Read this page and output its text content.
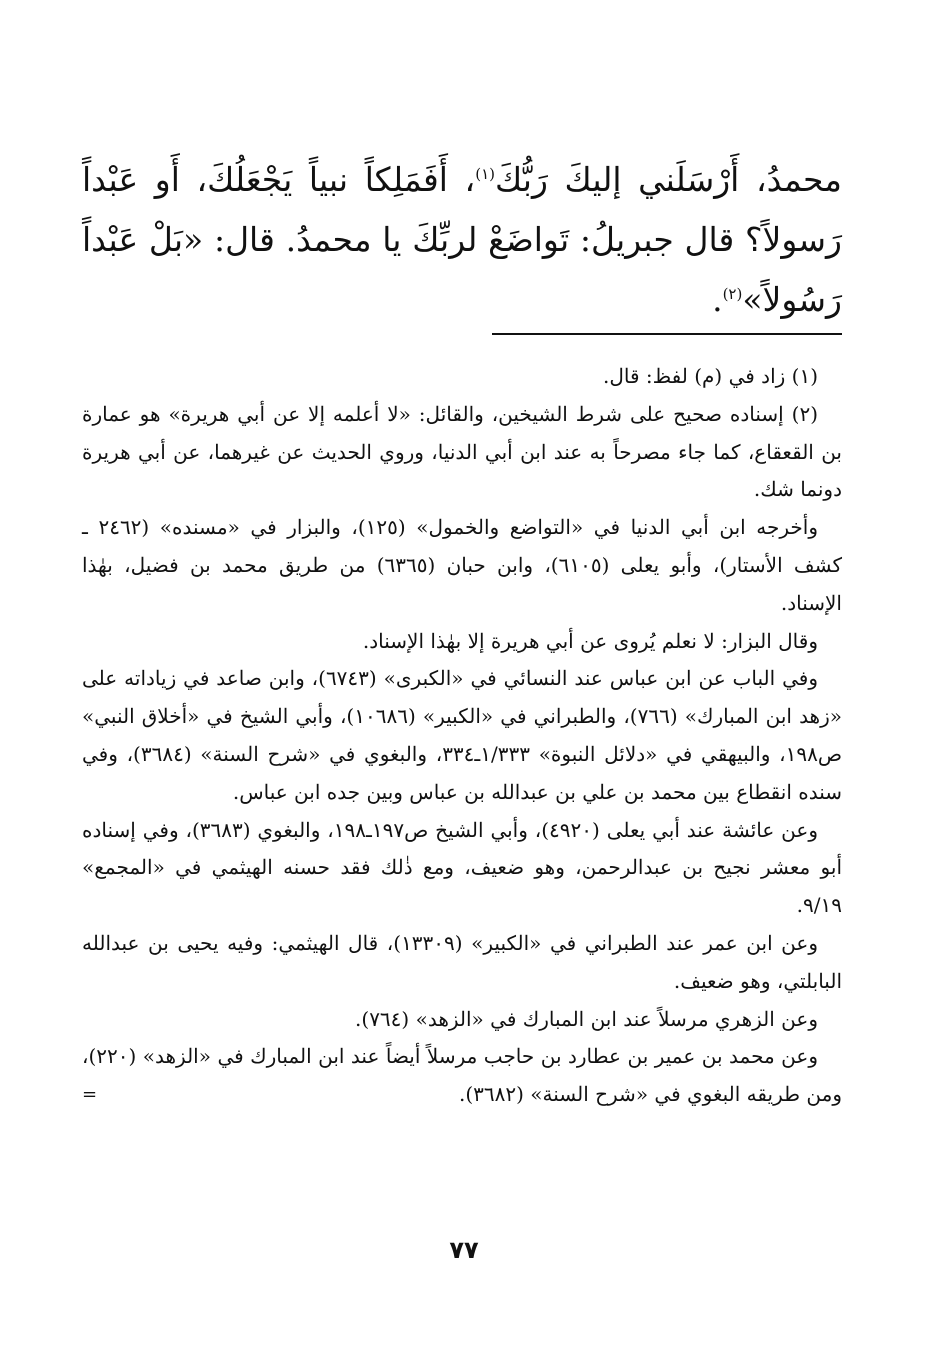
محمدُ، أَرْسَلَني إليكَ رَبُّكَ$^{(١)}$، أَفَمَلِكاً نبياً يَجْعَلُكَ، أَو عَبْداً رَسولاً؟ قال جبريلُ: تَواضَعْ لربِّكَ يا محمدُ. قال: «بَلْ عَبْداً رَسُولاً»$^{(٢)}$.

(١) زاد في (م) لفظ: قال.

(٢) إسناده صحيح على شرط الشيخين، والقائل: «لا أعلمه إلا عن أبي هريرة» هو عمارة بن القعقاع، كما جاء مصرحاً به عند ابن أبي الدنيا، وروي الحديث عن غيرهما، عن أبي هريرة دونما شك.

وأخرجه ابن أبي الدنيا في «التواضع والخمول» (١٢٥)، والبزار في «مسنده» (٢٤٦٢ ـ كشف الأستار)، وأبو يعلى (٦١٠٥)، وابن حبان (٦٣٦٥) من طريق محمد بن فضيل، بهٰذا الإسناد.

وقال البزار: لا نعلم يُروى عن أبي هريرة إلا بهٰذا الإسناد.

وفي الباب عن ابن عباس عند النسائي في «الكبرى» (٦٧٤٣)، وابن صاعد في زياداته على «زهد ابن المبارك» (٧٦٦)، والطبراني في «الكبير» (١٠٦٨٦)، وأبي الشيخ في «أخلاق النبي» ص١٩٨، والبيهقي في «دلائل النبوة» ١/٣٣٣ـ٣٣٤، والبغوي في «شرح السنة» (٣٦٨٤)، وفي سنده انقطاع بين محمد بن علي بن عبدالله بن عباس وبين جده ابن عباس.

وعن عائشة عند أبي يعلى (٤٩٢٠)، وأبي الشيخ ص١٩٧ـ١٩٨، والبغوي (٣٦٨٣)، وفي إسناده أبو معشر نجيح بن عبدالرحمن، وهو ضعيف، ومع ذٰلك فقد حسنه الهيثمي في «المجمع» ٩/١٩.

وعن ابن عمر عند الطبراني في «الكبير» (١٣٣٠٩)، قال الهيثمي: وفيه يحيى بن عبدالله البابلتي، وهو ضعيف.

وعن الزهري مرسلاً عند ابن المبارك في «الزهد» (٧٦٤).

وعن محمد بن عمير بن عطارد بن حاجب مرسلاً أيضاً عند ابن المبارك في «الزهد» (٢٢٠)، ومن طريقه البغوي في «شرح السنة» (٣٦٨٢).
=

٧٧
